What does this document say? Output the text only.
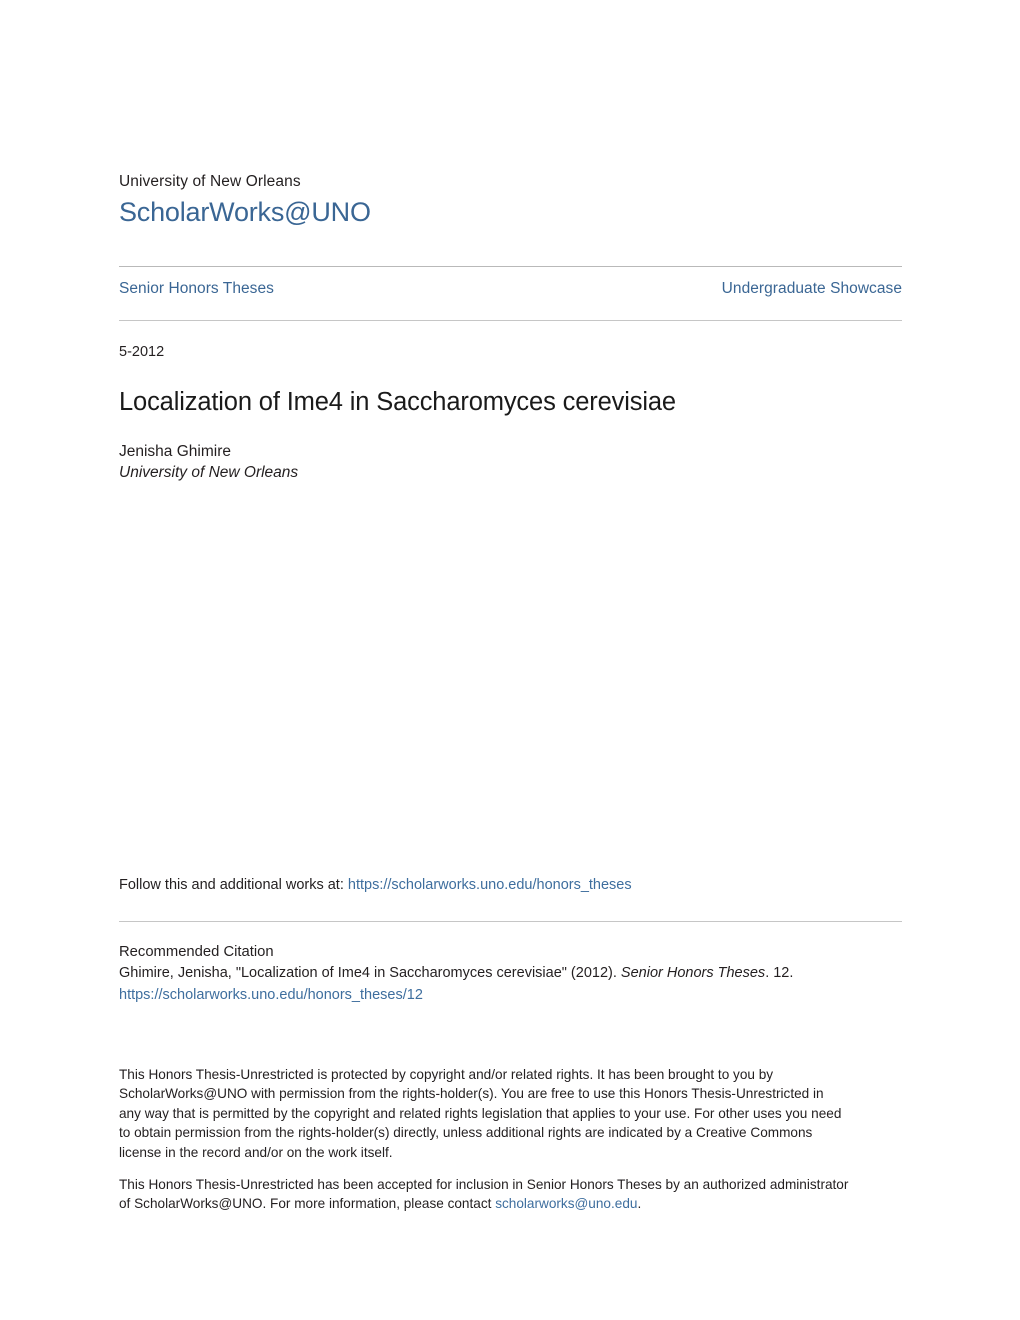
University of New Orleans
ScholarWorks@UNO
Senior Honors Theses	Undergraduate Showcase
5-2012
Localization of Ime4 in Saccharomyces cerevisiae
Jenisha Ghimire
University of New Orleans
Follow this and additional works at: https://scholarworks.uno.edu/honors_theses
Recommended Citation
Ghimire, Jenisha, "Localization of Ime4 in Saccharomyces cerevisiae" (2012). Senior Honors Theses. 12.
https://scholarworks.uno.edu/honors_theses/12

This Honors Thesis-Unrestricted is protected by copyright and/or related rights. It has been brought to you by ScholarWorks@UNO with permission from the rights-holder(s). You are free to use this Honors Thesis-Unrestricted in any way that is permitted by the copyright and related rights legislation that applies to your use. For other uses you need to obtain permission from the rights-holder(s) directly, unless additional rights are indicated by a Creative Commons license in the record and/or on the work itself.

This Honors Thesis-Unrestricted has been accepted for inclusion in Senior Honors Theses by an authorized administrator of ScholarWorks@UNO. For more information, please contact scholarworks@uno.edu.
